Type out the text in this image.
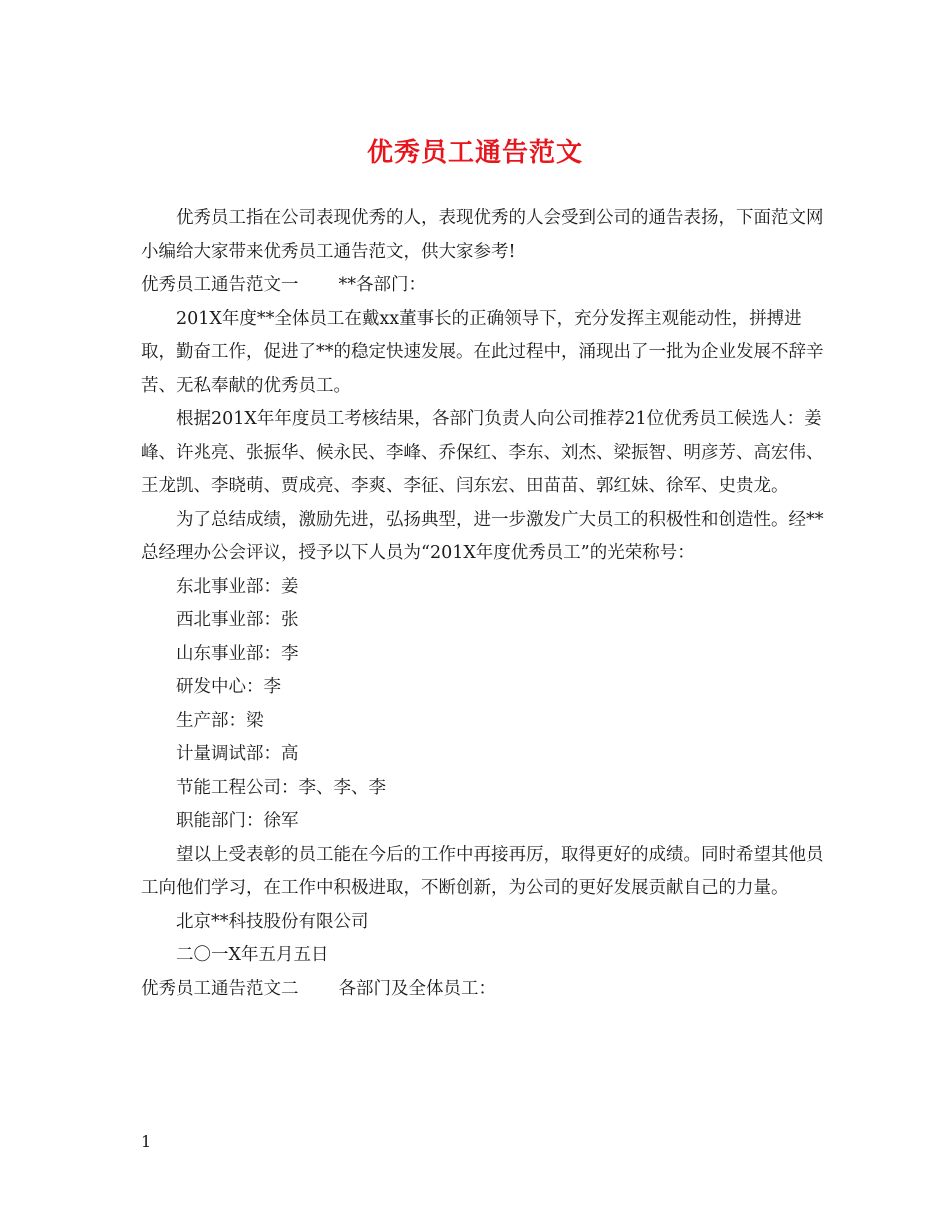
优秀员工通告范文

优秀员工指在公司表现优秀的人，表现优秀的人会受到公司的通告表扬，下面范文网小编给大家带来优秀员工通告范文，供大家参考!

优秀员工通告范文一 **各部门：

201X年度**全体员工在戴xx董事长的正确领导下，充分发挥主观能动性，拼搏进取，勤奋工作，促进了**的稳定快速发展。在此过程中，涌现出了一批为企业发展不辞辛苦、无私奉献的优秀员工。

根据201X年年度员工考核结果，各部门负责人向公司推荐21位优秀员工候选人：姜峰、许兆亮、张振华、候永民、李峰、乔保红、李东、刘杰、梁振智、明彦芳、高宏伟、王龙凯、李晓萌、贾成亮、李爽、李征、闫东宏、田苗苗、郭红妹、徐军、史贵龙。

为了总结成绩，激励先进，弘扬典型，进一步激发广大员工的积极性和创造性。经**总经理办公会评议，授予以下人员为“201X年度优秀员工”的光荣称号：

东北事业部：姜

西北事业部：张

山东事业部：李

研发中心：李

生产部：梁

计量调试部：高

节能工程公司：李、李、李

职能部门：徐军

望以上受表彰的员工能在今后的工作中再接再厉，取得更好的成绩。同时希望其他员工向他们学习，在工作中积极进取，不断创新，为公司的更好发展贡献自己的力量。

北京**科技股份有限公司

二〇一X年五月五日

优秀员工通告范文二 各部门及全体员工：

1
